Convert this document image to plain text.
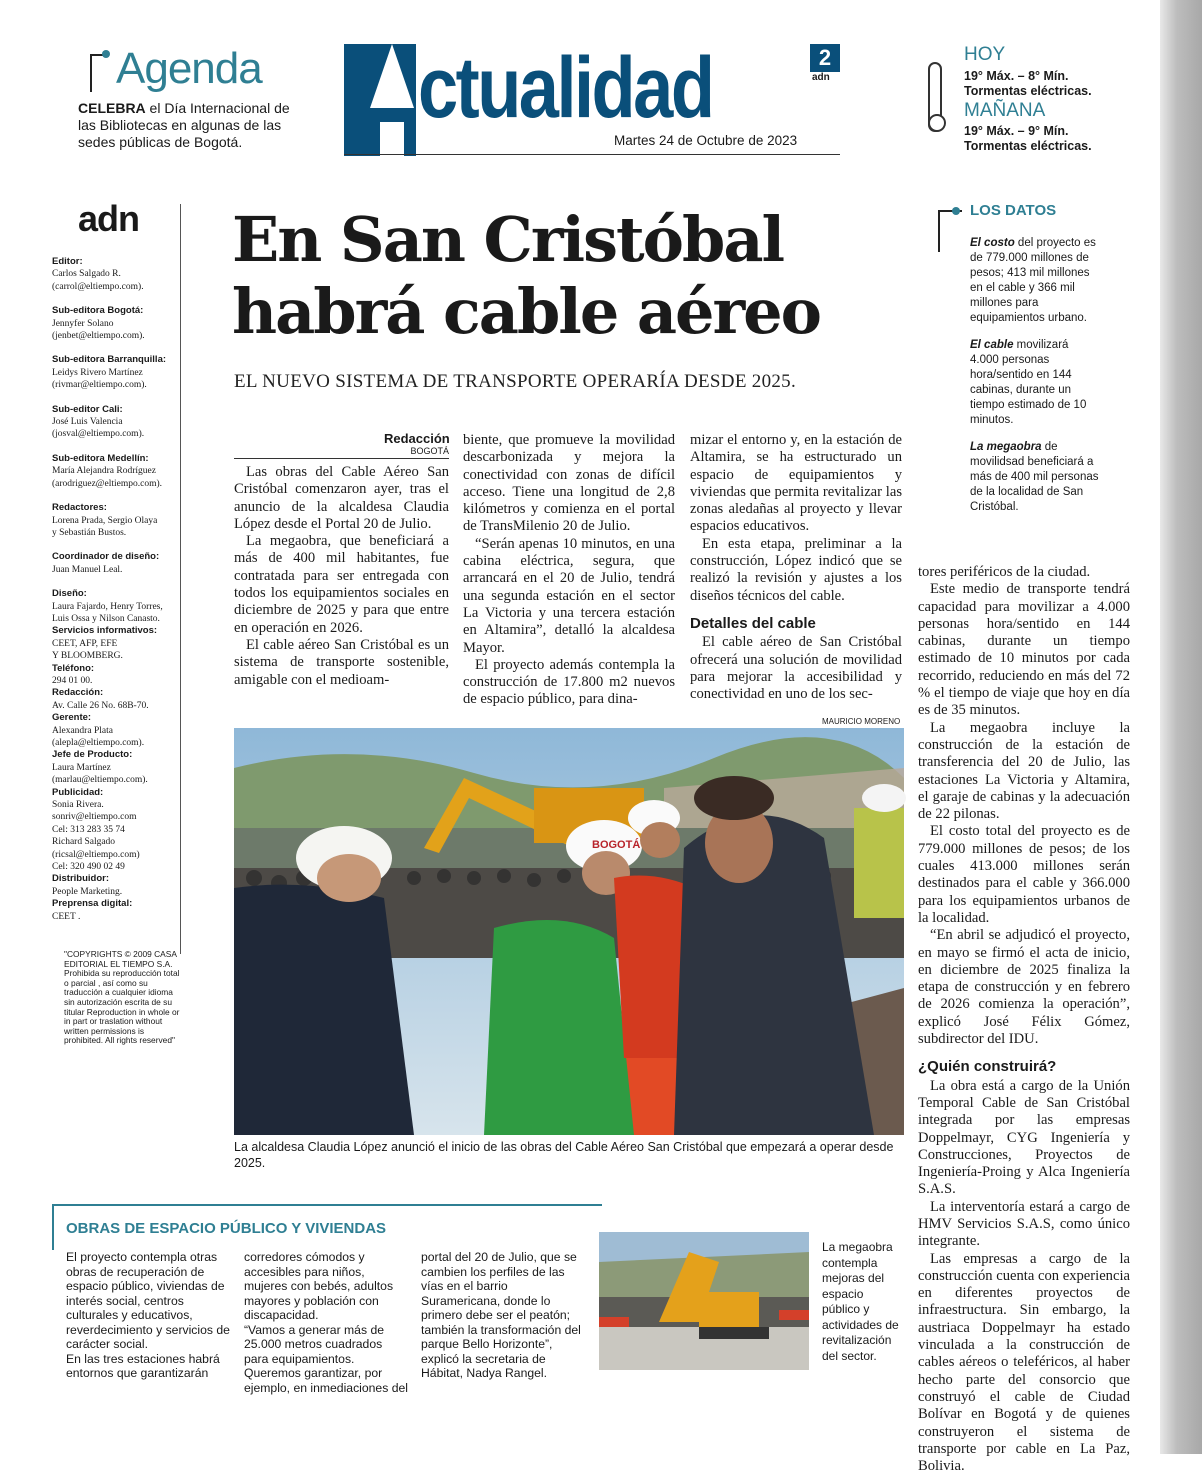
Agenda
CELEBRA el Día Internacional de las Bibliotecas en algunas de las sedes públicas de Bogotá.
ctualidad	2
adn
Martes 24 de Octubre de 2023
HOY
19° Máx. – 8° Mín.
Tormentas eléctricas.
MAÑANA
19° Máx. – 9° Mín.
Tormentas eléctricas.
adn
Editor:
Carlos Salgado R.
(carrol@eltiempo.com).
Sub-editora Bogotá:
Jennyfer Solano
(jenbet@eltiempo.com).
Sub-editora Barranquilla:
Leidys Rivero Martínez
(rivmar@eltiempo.com).
Sub-editor Cali:
José Luis Valencia
(josval@eltiempo.com).
Sub-editora Medellín:
María Alejandra Rodríguez
(arodriguez@eltiempo.com).
Redactores:
Lorena Prada, Sergio Olaya
y Sebastián Bustos.
Coordinador de diseño:
Juan Manuel Leal.
Diseño:
Laura Fajardo, Henry Torres,
Luis Ossa y Nilson Canasto.
Servicios informativos:
CEET, AFP, EFE
Y BLOOMBERG.
Teléfono:
294 01 00.
Redacción:
Av. Calle 26 No. 68B-70.
Gerente:
Alexandra Plata
(alepla@eltiempo.com).
Jefe de Producto:
Laura Martínez
(marlau@eltiempo.com).
Publicidad:
Sonia Rivera.
sonriv@eltiempo.com
Cel: 313 283 35 74
Richard Salgado
(ricsal@eltiempo.com)
Cel: 320 490 02 49
Distribuidor:
People Marketing.
Preprensa digital:
CEET .
"COPYRIGHTS © 2009 CASA EDITORIAL EL TIEMPO S.A. Prohibida su reproducción total o parcial , así como su traducción a cualquier idioma sin autorización escrita de su titular Reproduction in whole or in part or traslation without written permissions is prohibited. All rights reserved"
En San Cristóbal
habrá cable aéreo
EL NUEVO SISTEMA DE TRANSPORTE OPERARÍA DESDE 2025.
LOS DATOS
El costo del proyecto es de 779.000 millones de pesos; 413 mil millones en el cable y 366 mil millones para equipamientos urbano.
El cable movilizará 4.000 personas hora/sentido en 144 cabinas, durante un tiempo estimado de 10 minutos.
La megaobra de movilidsad beneficiará a más de 400 mil personas de la localidad de San Cristóbal.
Redacción
BOGOTÁ

Las obras del Cable Aéreo San Cristóbal comenzaron ayer, tras el anuncio de la alcaldesa Claudia López desde el Portal 20 de Julio.

La megaobra, que beneficiará a más de 400 mil habitantes, fue contratada para ser entregada con todos los equipamientos sociales en diciembre de 2025 y para que entre en operación en 2026.

El cable aéreo San Cristóbal es un sistema de transporte sostenible, amigable con el medioam-

biente, que promueve la movilidad descarbonizada y mejora la conectividad con zonas de difícil acceso. Tiene una longitud de 2,8 kilómetros y comienza en el portal de TransMilenio 20 de Julio.

“Serán apenas 10 minutos, en una cabina eléctrica, segura, que arrancará en el 20 de Julio, tendrá una segunda estación en el sector La Victoria y una tercera estación en Altamira”, detalló la alcaldesa Mayor.

El proyecto además contempla la construcción de 17.800 m2 nuevos de espacio público, para dina-

mizar el entorno y, en la estación de Altamira, se ha estructurado un espacio de equipamientos y viviendas que permita revitalizar las zonas aledañas al proyecto y llevar espacios educativos.

En esta etapa, preliminar a la construcción, López indicó que se realizó la revisión y ajustes a los diseños técnicos del cable.

Detalles del cable

El cable aéreo de San Cristóbal ofrecerá una solución de movilidad para mejorar la accesibilidad y conectividad en uno de los sec-

tores periféricos de la ciudad.

Este medio de transporte tendrá capacidad para movilizar a 4.000 personas hora/sentido en 144 cabinas, durante un tiempo estimado de 10 minutos por cada recorrido, reduciendo en más del 72 % el tiempo de viaje que hoy en día es de 35 minutos.

La megaobra incluye la construcción de la estación de transferencia del 20 de Julio, las estaciones La Victoria y Altamira, el garaje de cabinas y la adecuación de 22 pilonas.

El costo total del proyecto es de 779.000 millones de pesos; de los cuales 413.000 millones serán destinados para el cable y 366.000 para los equipamientos urbanos de la localidad.

“En abril se adjudicó el proyecto, en mayo se firmó el acta de inicio, en diciembre de 2025 finaliza la etapa de construcción y en febrero de 2026 comienza la operación”, explicó José Félix Gómez, subdirector del IDU.

¿Quién construirá?

La obra está a cargo de la Unión Temporal Cable de San Cristóbal integrada por las empresas Doppelmayr, CYG Ingeniería y Construcciones, Proyectos de Ingeniería-Proing y Alca Ingeniería S.A.S.

La interventoría estará a cargo de HMV Servicios S.A.S, como único integrante.

Las empresas a cargo de la construcción cuenta con experiencia en diferentes proyectos de infraestructura. Sin embargo, la austriaca Doppelmayr ha estado vinculada a la construcción de cables aéreos o teleféricos, al haber hecho parte del consorcio que construyó el cable de Ciudad Bolívar en Bogotá y de quienes construyeron el sistema de transporte por cable en La Paz, Bolivia.

MAURICIO MORENO
BOGOTÁ
La alcaldesa Claudia López anunció el inicio de las obras del Cable Aéreo San Cristóbal que empezará a operar desde 2025.
OBRAS DE ESPACIO PÚBLICO Y VIVIENDAS
El proyecto contempla otras obras de recuperación de espacio público, viviendas de interés social, centros culturales y educativos, reverdecimiento y servicios de carácter social.
En las tres estaciones habrá entornos que garantizarán
corredores cómodos y accesibles para niños, mujeres con bebés, adultos mayores y población con discapacidad.
“Vamos a generar más de 25.000 metros cuadrados para equipamientos. Queremos garantizar, por ejemplo, en inmediaciones del
portal del 20 de Julio, que se cambien los perfiles de las vías en el barrio Suramericana, donde lo primero debe ser el peatón; también la transformación del parque Bello Horizonte”, explicó la secretaria de Hábitat, Nadya Rangel.
La megaobra contempla mejoras del espacio público y actividades de revitalización del sector.
